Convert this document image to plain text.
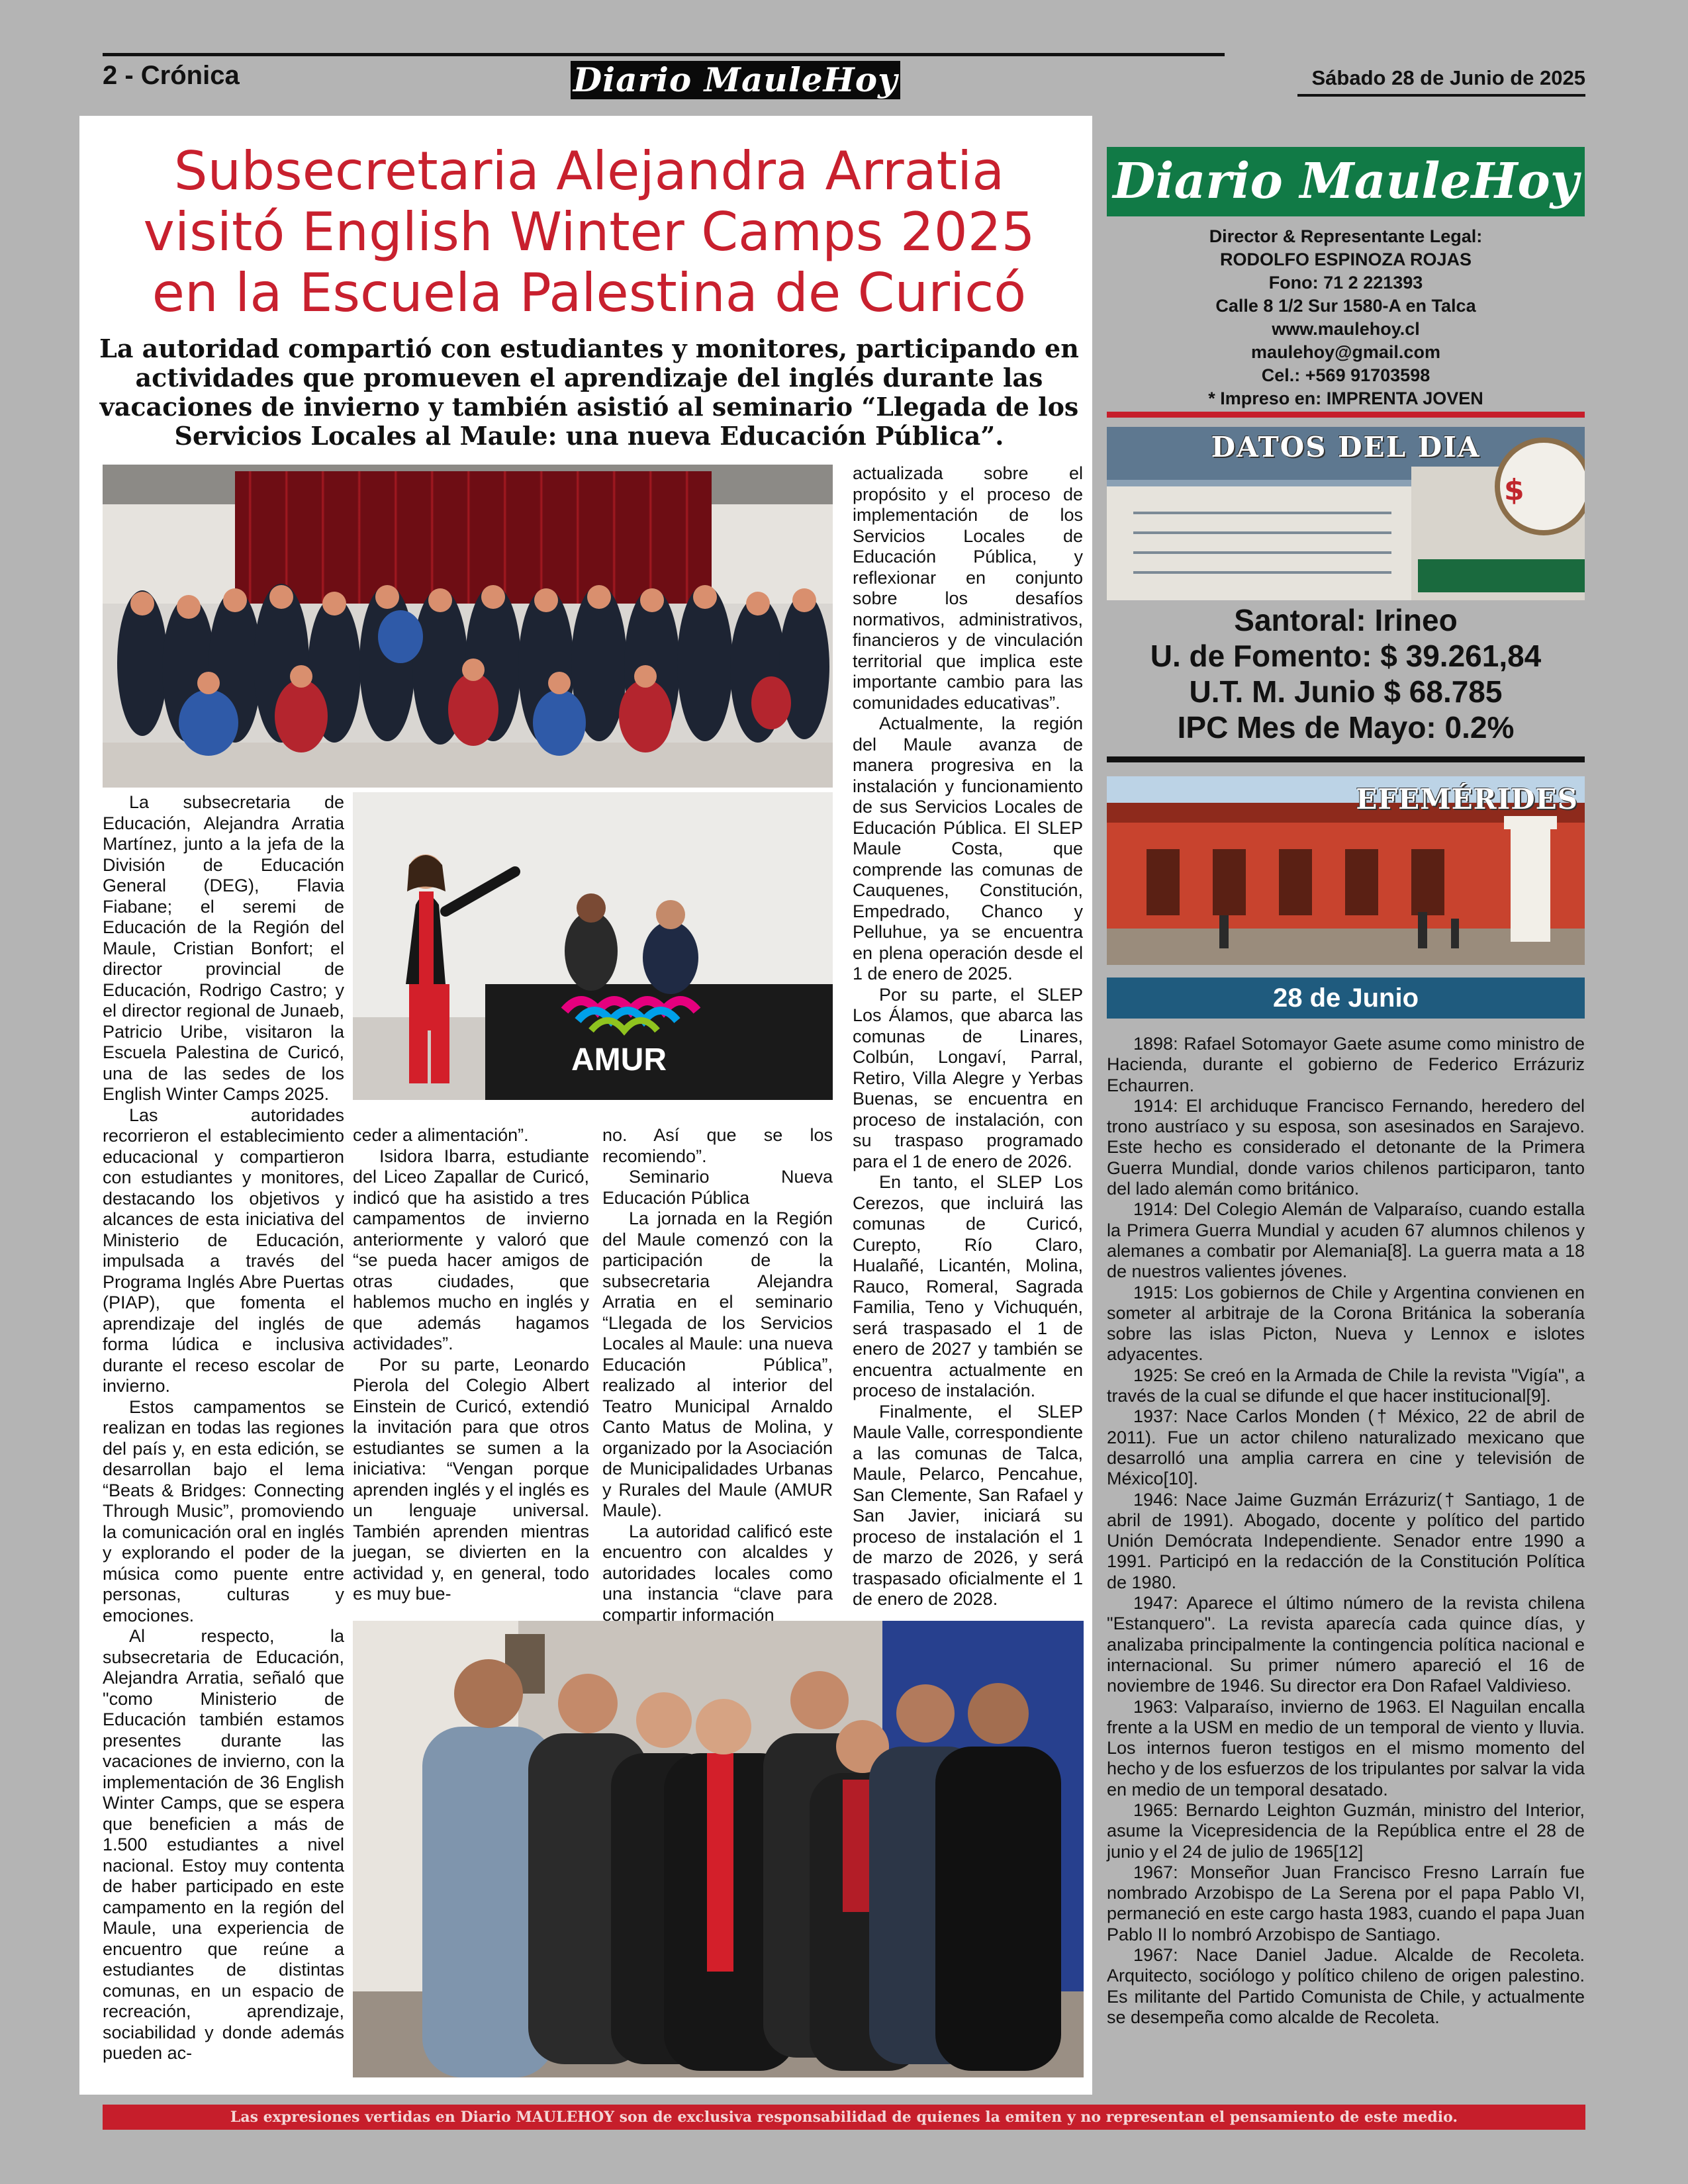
2 - Crónica	Diario MauleHoy	Sábado 28 de Junio de 2025
Subsecretaria Alejandra Arratia visitó English Winter Camps 2025 en la Escuela Palestina de Curicó
La autoridad compartió con estudiantes y monitores, participando en actividades que promueven el aprendizaje del inglés durante las vacaciones de invierno y también asistió al seminario “Llegada de los Servicios Locales al Maule: una nueva Educación Pública”.
AMUR

La subsecretaria de Educación, Alejandra Arratia Martínez, junto a la jefa de la División de Educación General (DEG), Flavia Fiabane; el seremi de Educación de la Región del Maule, Cristian Bonfort; el director provincial de Educación, Rodrigo Castro; y el director regional de Junaeb, Patricio Uribe, visitaron la Escuela Palestina de Curicó, una de las sedes de los English Winter Camps 2025.

Las autoridades recorrieron el establecimiento educacional y compartieron con estudiantes y monitores, destacando los objetivos y alcances de esta iniciativa del Ministerio de Educación, impulsada a través del Programa Inglés Abre Puertas (PIAP), que fomenta el aprendizaje del inglés de forma lúdica e inclusiva durante el receso escolar de invierno.

Estos campamentos se realizan en todas las regiones del país y, en esta edición, se desarrollan bajo el lema “Beats & Bridges: Connecting Through Music”, promoviendo la comunicación oral en inglés y explorando el poder de la música como puente entre personas, culturas y emociones.

Al respecto, la subsecretaria de Educación, Alejandra Arratia, señaló que "como Ministerio de Educación también estamos presentes durante las vacaciones de invierno, con la implementación de 36 English Winter Camps, que se espera que beneficien a más de 1.500 estudiantes a nivel nacional. Estoy muy contenta de haber participado en este campamento en la región del Maule, una experiencia de encuentro que reúne a estudiantes de distintas comunas, en un espacio de recreación, aprendizaje, sociabilidad y donde además pueden ac-

ceder a alimentación”.

Isidora Ibarra, estudiante del Liceo Zapallar de Curicó, indicó que ha asistido a tres campamentos de invierno anteriormente y valoró que “se pueda hacer amigos de otras ciudades, que hablemos mucho en inglés y que además hagamos actividades”.

Por su parte, Leonardo Pierola del Colegio Albert Einstein de Curicó, extendió la invitación para que otros estudiantes se sumen a la iniciativa: “Vengan porque aprenden inglés y el inglés es un lenguaje universal. También aprenden mientras juegan, se divierten en la actividad y, en general, todo es muy bue-

no. Así que se los recomiendo”.

Seminario Nueva Educación Pública

La jornada en la Región del Maule comenzó con la participación de la subsecretaria Alejandra Arratia en el seminario “Llegada de los Servicios Locales al Maule: una nueva Educación Pública”, realizado al interior del Teatro Municipal Arnaldo Canto Matus de Molina, y organizado por la Asociación de Municipalidades Urbanas y Rurales del Maule (AMUR Maule).

La autoridad calificó este encuentro con alcaldes y autoridades locales como una instancia “clave para compartir información

actualizada sobre el propósito y el proceso de implementación de los Servicios Locales de Educación Pública, y reflexionar en conjunto sobre los desafíos normativos, administrativos, financieros y de vinculación territorial que implica este importante cambio para las comunidades educativas”.

Actualmente, la región del Maule avanza de manera progresiva en la instalación y funcionamiento de sus Servicios Locales de Educación Pública. El SLEP Maule Costa, que comprende las comunas de Cauquenes, Constitución, Empedrado, Chanco y Pelluhue, ya se encuentra en plena operación desde el 1 de enero de 2025.

Por su parte, el SLEP Los Álamos, que abarca las comunas de Linares, Colbún, Longaví, Parral, Retiro, Villa Alegre y Yerbas Buenas, se encuentra en proceso de instalación, con su traspaso programado para el 1 de enero de 2026.

En tanto, el SLEP Los Cerezos, que incluirá las comunas de Curicó, Curepto, Río Claro, Hualañé, Licantén, Molina, Rauco, Romeral, Sagrada Familia, Teno y Vichuquén, será traspasado el 1 de enero de 2027 y también se encuentra actualmente en proceso de instalación.

Finalmente, el SLEP Maule Valle, correspondiente a las comunas de Talca, Maule, Pelarco, Pencahue, San Clemente, San Rafael y San Javier, iniciará su proceso de instalación el 1 de marzo de 2026, y será traspasado oficialmente el 1 de enero de 2028.

Diario MauleHoy
Director & Representante Legal:
RODOLFO ESPINOZA ROJAS
Fono: 71 2 221393
Calle 8 1/2 Sur 1580-A en Talca
www.maulehoy.cl
maulehoy@gmail.com
Cel.: +569 91703598
* Impreso en: IMPRENTA JOVEN
$
DATOS DEL DIA
Santoral: Irineo
U. de Fomento: $ 39.261,84
U.T. M. Junio $ 68.785
IPC Mes de Mayo: 0.2%
EFEMÉRIDES
28 de Junio

1898: Rafael Sotomayor Gaete asume como ministro de Hacienda, durante el gobierno de Federico Errázuriz Echaurren.

1914: El archiduque Francisco Fernando, heredero del trono austríaco y su esposa, son asesinados en Sarajevo. Este hecho es considerado el detonante de la Primera Guerra Mundial, donde varios chilenos participaron, tanto del lado alemán como británico.

1914: Del Colegio Alemán de Valparaíso, cuando estalla la Primera Guerra Mundial y acuden 67 alumnos chilenos y alemanes a combatir por Alemania[8]. La guerra mata a 18 de nuestros valientes jóvenes.

1915: Los gobiernos de Chile y Argentina convienen en someter al arbitraje de la Corona Británica la soberanía sobre las islas Picton, Nueva y Lennox e islotes adyacentes.

1925: Se creó en la Armada de Chile la revista "Vigía", a través de la cual se difunde el que hacer institucional[9].

1937: Nace Carlos Monden († México, 22 de abril de 2011). Fue un actor chileno naturalizado mexicano que desarrolló una amplia carrera en cine y televisión de México[10].

1946: Nace Jaime Guzmán Errázuriz(† Santiago, 1 de abril de 1991). Abogado, docente y político del partido Unión Demócrata Independiente. Senador entre 1990 a 1991. Participó en la redacción de la Constitución Política de 1980.

1947: Aparece el último número de la revista chilena "Estanquero". La revista aparecía cada quince días, y analizaba principalmente la contingencia política nacional e internacional. Su primer número apareció el 16 de noviembre de 1946. Su director era Don Rafael Valdivieso.

1963: Valparaíso, invierno de 1963. El Naguilan encalla frente a la USM en medio de un temporal de viento y lluvia. Los internos fueron testigos en el mismo momento del hecho y de los esfuerzos de los tripulantes por salvar la vida en medio de un temporal desatado.

1965: Bernardo Leighton Guzmán, ministro del Interior, asume la Vicepresidencia de la República entre el 28 de junio y el 24 de julio de 1965[12]

1967: Monseñor Juan Francisco Fresno Larraín fue nombrado Arzobispo de La Serena por el papa Pablo VI, permaneció en este cargo hasta 1983, cuando el papa Juan Pablo II lo nombró Arzobispo de Santiago.

1967: Nace Daniel Jadue. Alcalde de Recoleta. Arquitecto, sociólogo y político chileno de origen palestino. Es militante del Partido Comunista de Chile, y actualmente se desempeña como alcalde de Recoleta.

Las expresiones vertidas en Diario MAULEHOY son de exclusiva responsabilidad de quienes la emiten y no representan el pensamiento de este medio.
